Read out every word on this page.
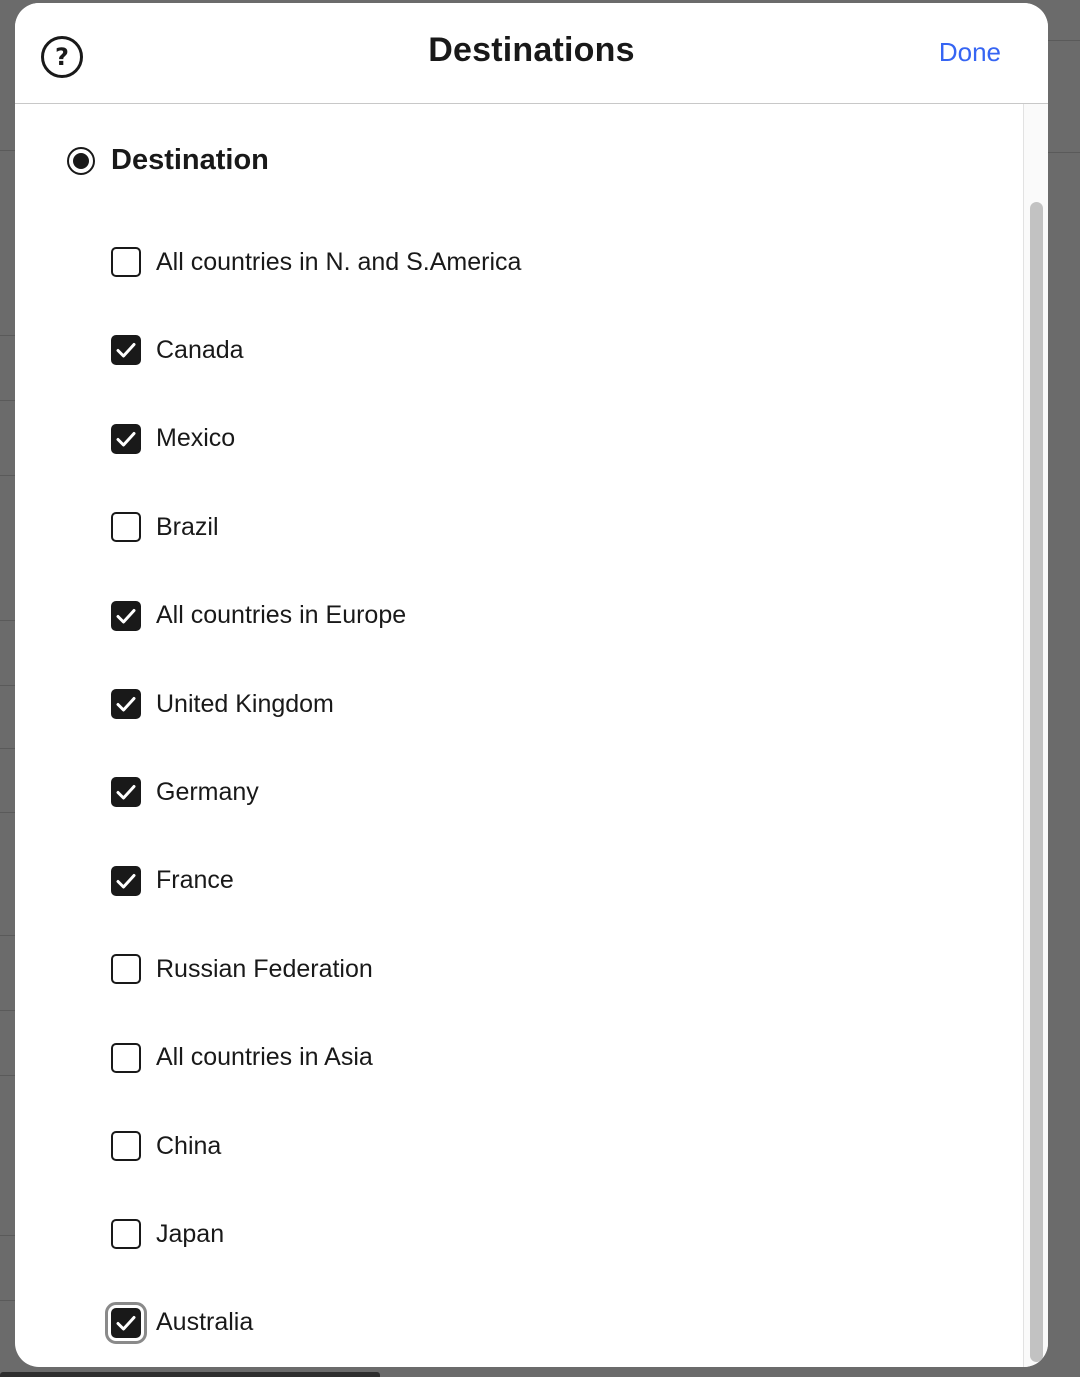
?	Destinations	Done
Destination
All countries in N. and S.America
Canada
Mexico
Brazil
All countries in Europe
United Kingdom
Germany
France
Russian Federation
All countries in Asia
China
Japan
Australia
